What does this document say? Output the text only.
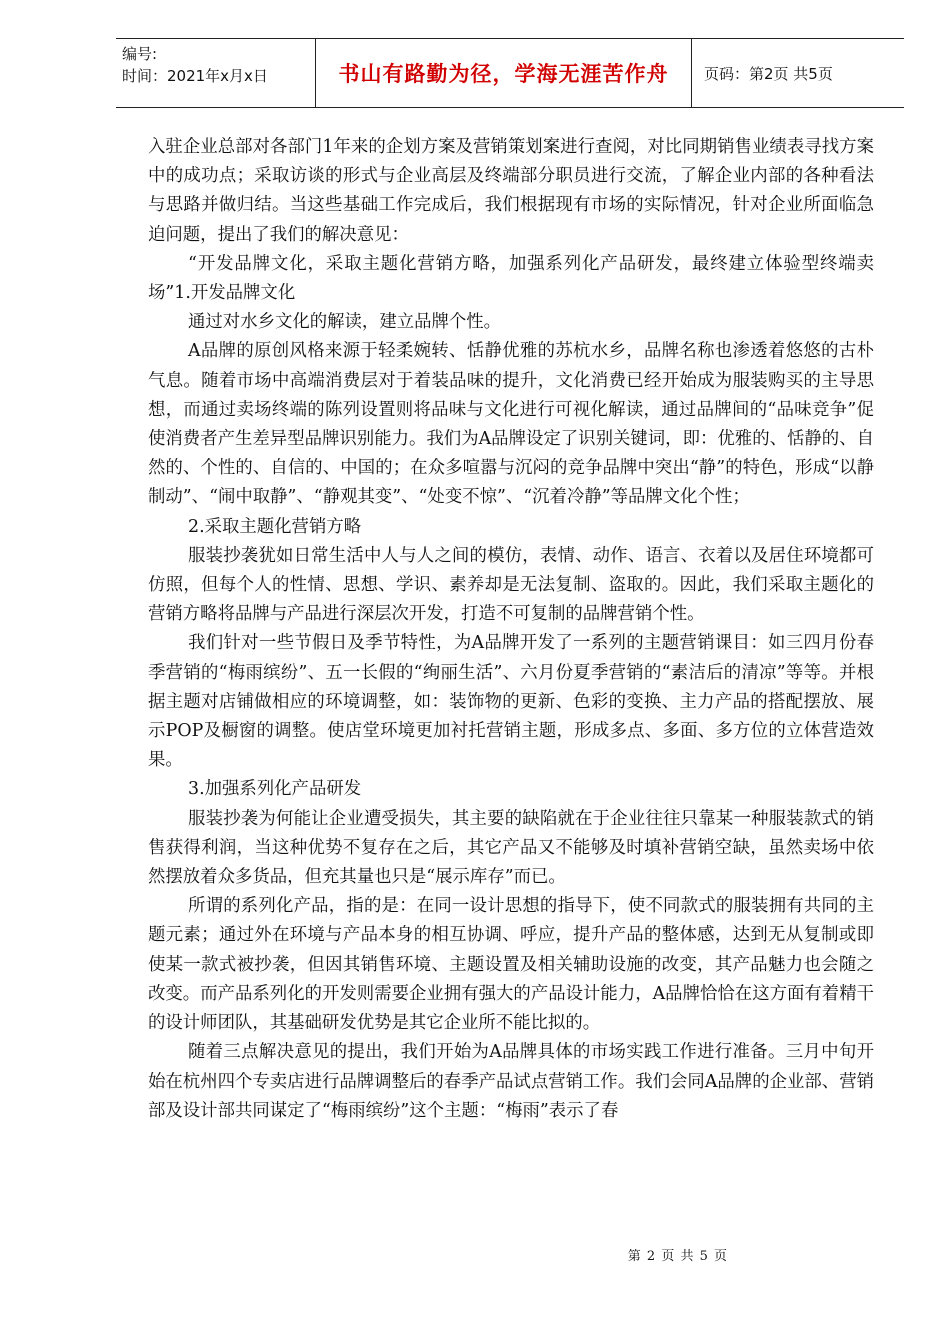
编号:
时间：2021年x月x日	书山有路勤为径，学海无涯苦作舟	页码：第2页 共5页

入驻企业总部对各部门1年来的企划方案及营销策划案进行查阅，对比同期销售业绩表寻找方案中的成功点；采取访谈的形式与企业高层及终端部分职员进行交流，了解企业内部的各种看法与思路并做归结。当这些基础工作完成后，我们根据现有市场的实际情况，针对企业所面临急迫问题，提出了我们的解决意见：

“开发品牌文化，采取主题化营销方略，加强系列化产品研发，最终建立体验型终端卖场”1.开发品牌文化

通过对水乡文化的解读，建立品牌个性。

A品牌的原创风格来源于轻柔婉转、恬静优雅的苏杭水乡，品牌名称也渗透着悠悠的古朴气息。随着市场中高端消费层对于着装品味的提升，文化消费已经开始成为服装购买的主导思想，而通过卖场终端的陈列设置则将品味与文化进行可视化解读，通过品牌间的“品味竞争”促使消费者产生差异型品牌识别能力。我们为A品牌设定了识别关键词，即：优雅的、恬静的、自然的、个性的、自信的、中国的；在众多喧嚣与沉闷的竞争品牌中突出“静”的特色，形成“以静制动”、“闹中取静”、“静观其变”、“处变不惊”、“沉着冷静”等品牌文化个性；

2.采取主题化营销方略

服装抄袭犹如日常生活中人与人之间的模仿，表情、动作、语言、衣着以及居住环境都可仿照，但每个人的性情、思想、学识、素养却是无法复制、盗取的。因此，我们采取主题化的营销方略将品牌与产品进行深层次开发，打造不可复制的品牌营销个性。

我们针对一些节假日及季节特性，为A品牌开发了一系列的主题营销课目：如三四月份春季营销的“梅雨缤纷”、五一长假的“绚丽生活”、六月份夏季营销的“素洁后的清凉”等等。并根据主题对店铺做相应的环境调整，如：装饰物的更新、色彩的变换、主力产品的搭配摆放、展示POP及橱窗的调整。使店堂环境更加衬托营销主题，形成多点、多面、多方位的立体营造效果。

3.加强系列化产品研发

服装抄袭为何能让企业遭受损失，其主要的缺陷就在于企业往往只靠某一种服装款式的销售获得利润，当这种优势不复存在之后，其它产品又不能够及时填补营销空缺，虽然卖场中依然摆放着众多货品，但充其量也只是“展示库存”而已。

所谓的系列化产品，指的是：在同一设计思想的指导下，使不同款式的服装拥有共同的主题元素；通过外在环境与产品本身的相互协调、呼应，提升产品的整体感，达到无从复制或即使某一款式被抄袭，但因其销售环境、主题设置及相关辅助设施的改变，其产品魅力也会随之改变。而产品系列化的开发则需要企业拥有强大的产品设计能力，A品牌恰恰在这方面有着精干的设计师团队，其基础研发优势是其它企业所不能比拟的。

随着三点解决意见的提出，我们开始为A品牌具体的市场实践工作进行准备。三月中旬开始在杭州四个专卖店进行品牌调整后的春季产品试点营销工作。我们会同A品牌的企业部、营销部及设计部共同谋定了“梅雨缤纷”这个主题：“梅雨”表示了春

第 2 页 共 5 页
